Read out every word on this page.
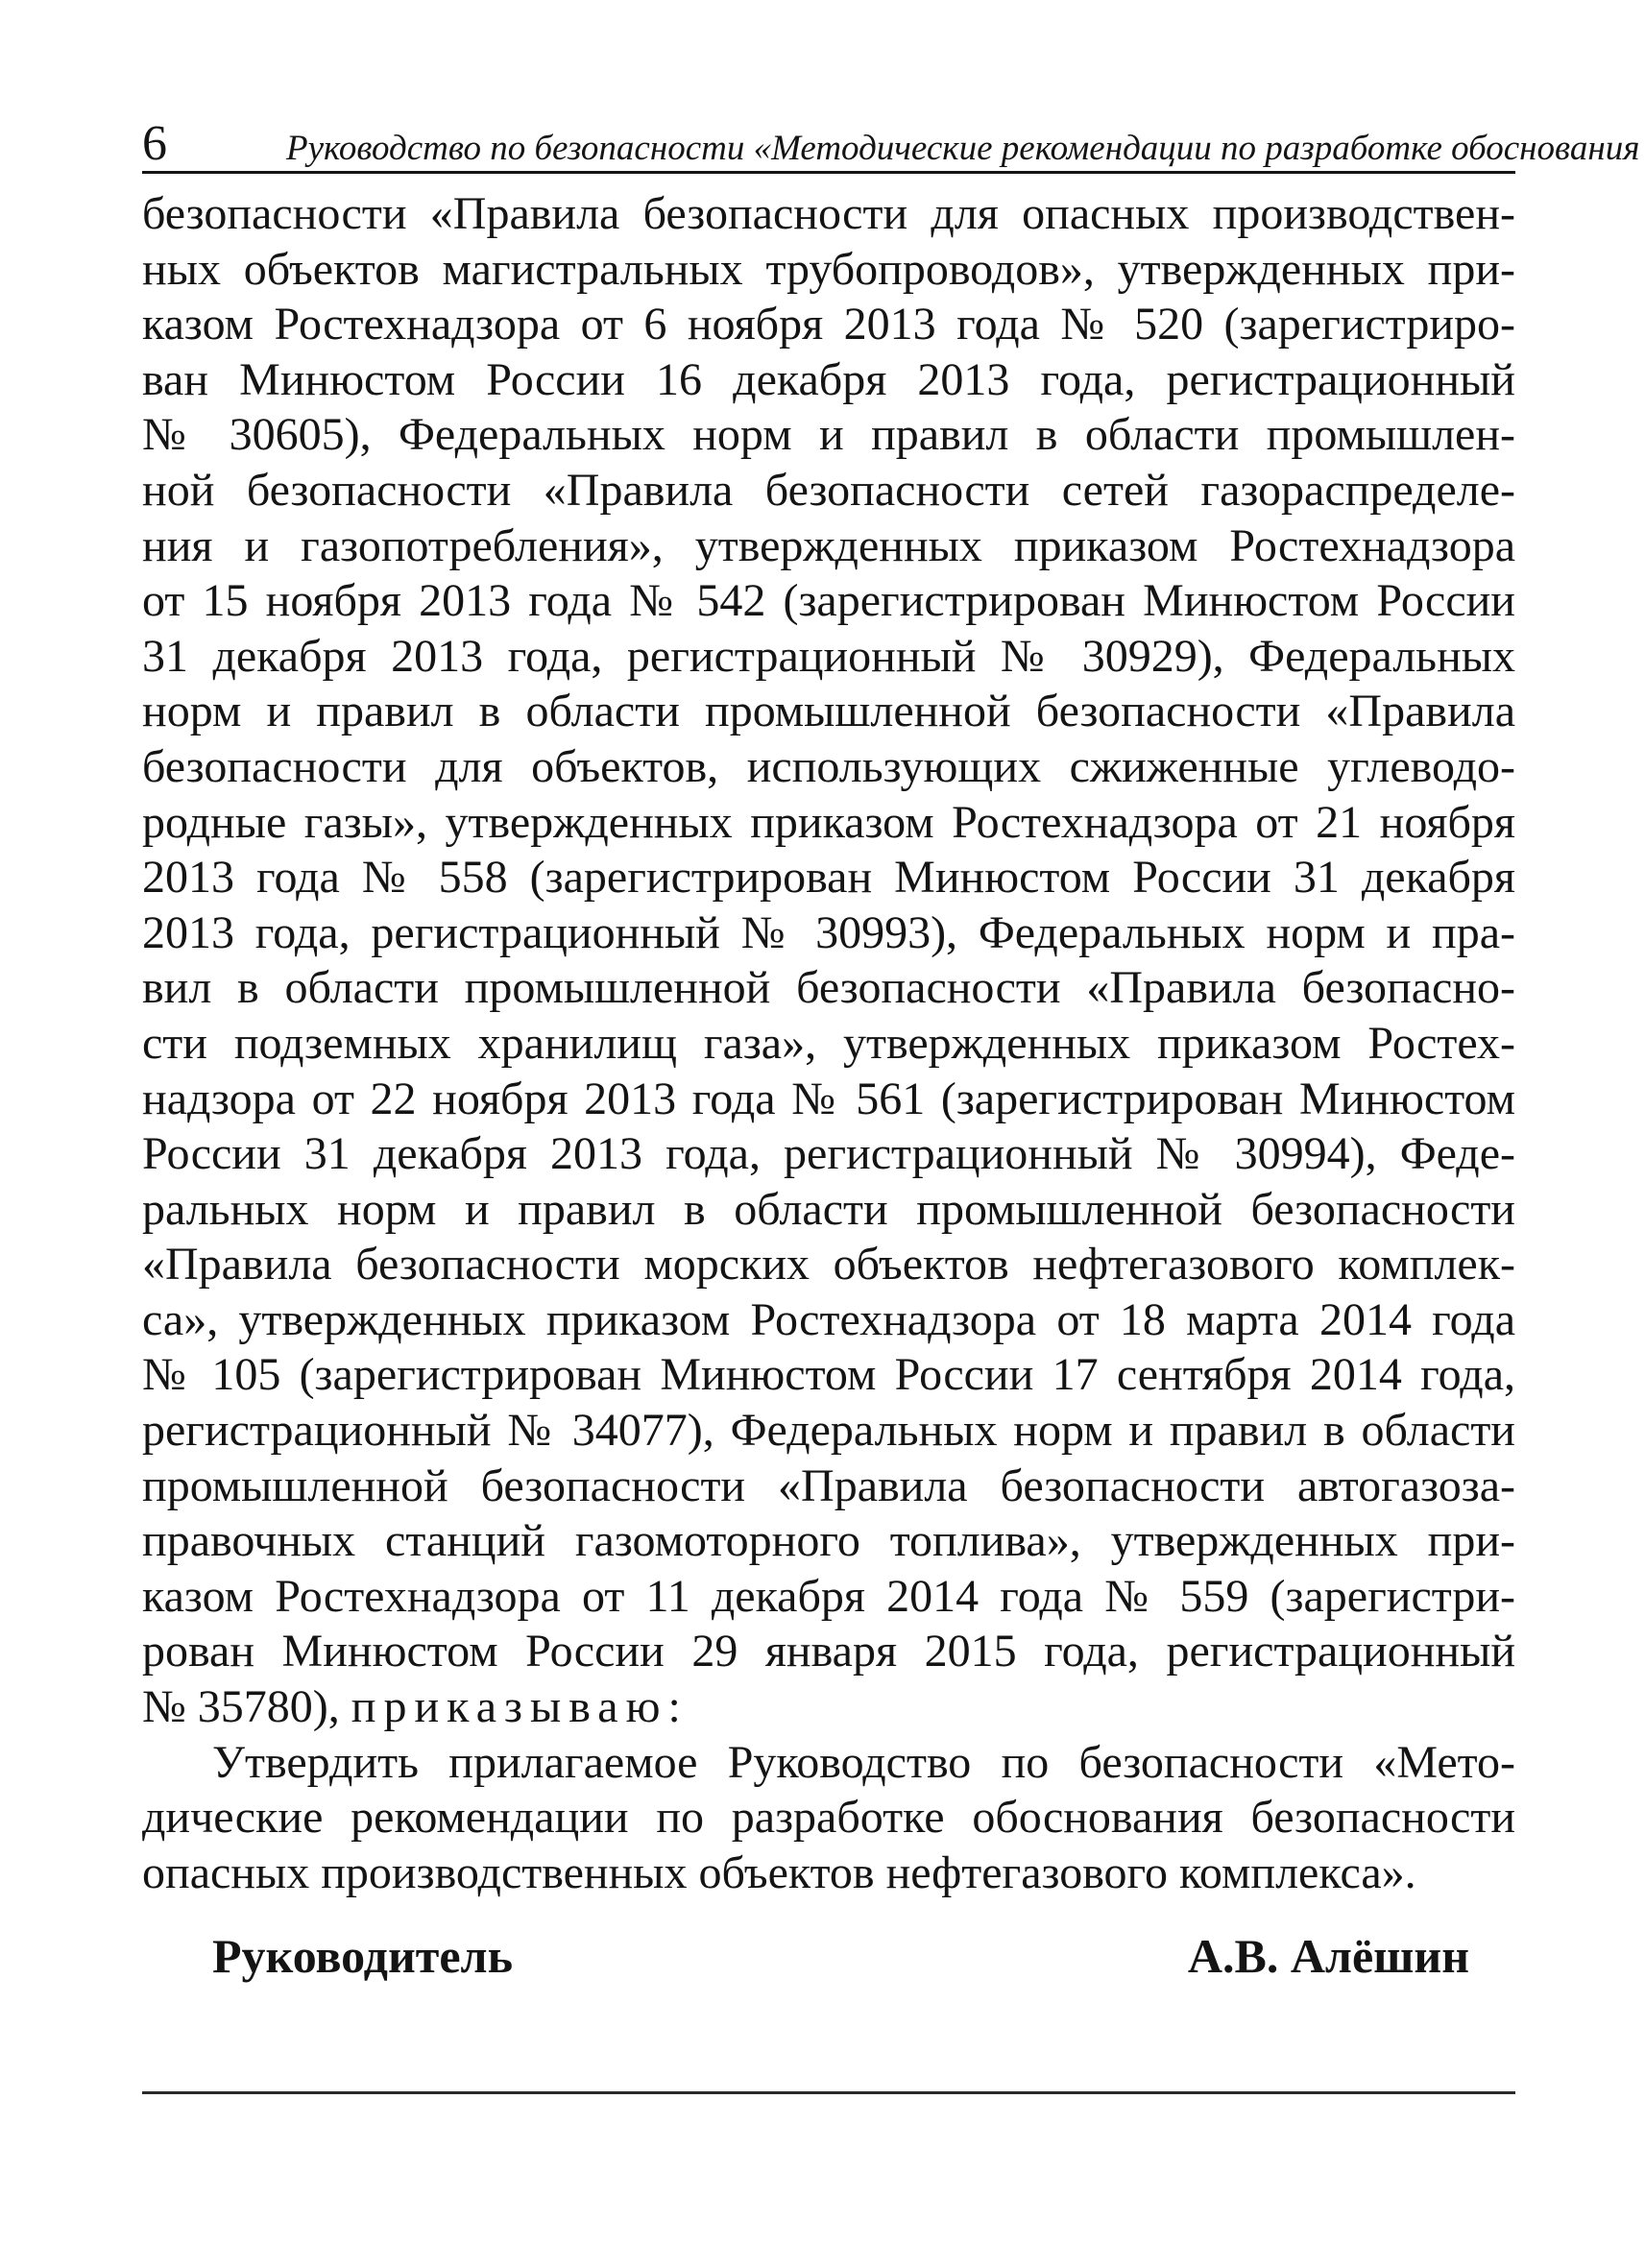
6	Руководство по безопасности «Методические рекомендации по разработке обоснования
безопасности «Правила безопасности для опасных производствен-
ных объектов магистральных трубопроводов», утвержденных при-
казом Ростехнадзора от 6 ноября 2013 года № 520 (зарегистриро-
ван Минюстом России 16 декабря 2013 года, регистрационный
№ 30605), Федеральных норм и правил в области промышлен-
ной безопасности «Правила безопасности сетей газораспределе-
ния и газопотребления», утвержденных приказом Ростехнадзора
от 15 ноября 2013 года № 542 (зарегистрирован Минюстом России
31 декабря 2013 года, регистрационный № 30929), Федеральных
норм и правил в области промышленной безопасности «Правила
безопасности для объектов, использующих сжиженные углеводо-
родные газы», утвержденных приказом Ростехнадзора от 21 ноября
2013 года № 558 (зарегистрирован Минюстом России 31 декабря
2013 года, регистрационный № 30993), Федеральных норм и пра-
вил в области промышленной безопасности «Правила безопасно-
сти подземных хранилищ газа», утвержденных приказом Ростех-
надзора от 22 ноября 2013 года № 561 (зарегистрирован Минюстом
России 31 декабря 2013 года, регистрационный № 30994), Феде-
ральных норм и правил в области промышленной безопасности
«Правила безопасности морских объектов нефтегазового комплек-
са», утвержденных приказом Ростехнадзора от 18 марта 2014 года
№ 105 (зарегистрирован Минюстом России 17 сентября 2014 года,
регистрационный № 34077), Федеральных норм и правил в области
промышленной безопасности «Правила безопасности автогазоза-
правочных станций газомоторного топлива», утвержденных при-
казом Ростехнадзора от 11 декабря 2014 года № 559 (зарегистри-
рован Минюстом России 29 января 2015 года, регистрационный
№ 35780), приказываю:
Утвердить прилагаемое Руководство по безопасности «Мето-
дические рекомендации по разработке обоснования безопасности
опасных производственных объектов нефтегазового комплекса».
Руководитель	А.В. Алёшин
